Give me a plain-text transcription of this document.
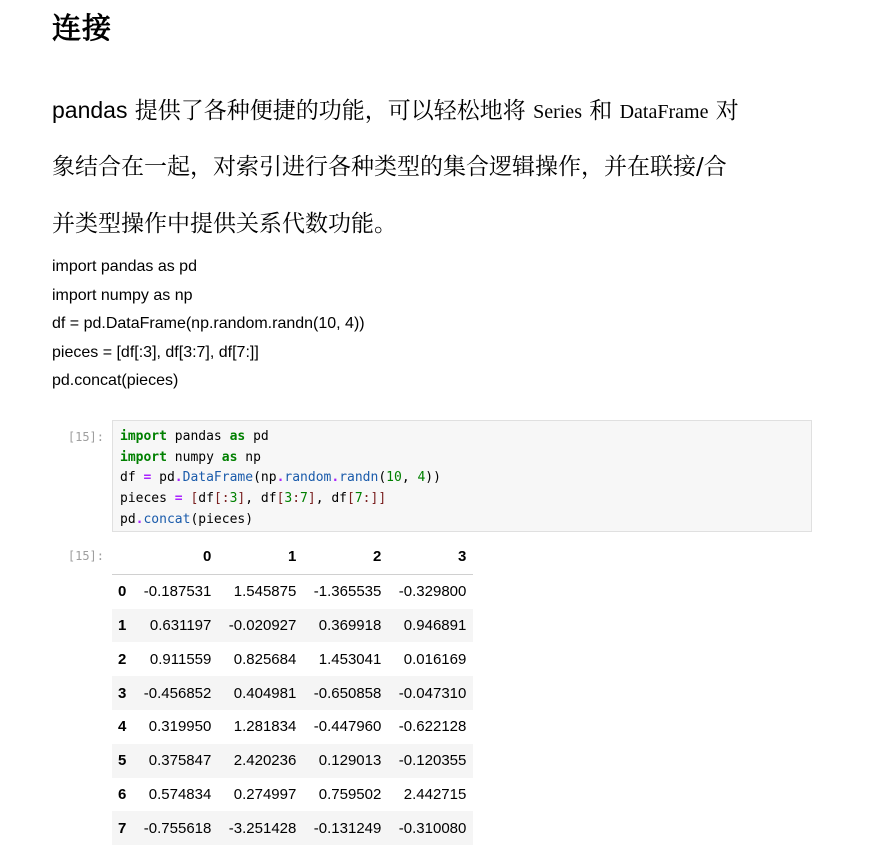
连接
pandas 提供了各种便捷的功能，可以轻松地将 Series 和 DataFrame 对
象结合在一起，对索引进行各种类型的集合逻辑操作，并在联接/合
并类型操作中提供关系代数功能。
import pandas as pd
import numpy as np
df = pd.DataFrame(np.random.randn(10, 4))
pieces = [df[:3], df[3:7], df[7:]]
pd.concat(pieces)
[15]: import pandas as pd
import numpy as np
df = pd.DataFrame(np.random.randn(10, 4))
pieces = [df[:3], df[3:7], df[7:]]
pd.concat(pieces)
[15]:
		0	1	2	3
0	-0.187531	1.545875	-1.365535	-0.329800
1	0.631197	-0.020927	0.369918	0.946891
2	0.911559	0.825684	1.453041	0.016169
3	-0.456852	0.404981	-0.650858	-0.047310
4	0.319950	1.281834	-0.447960	-0.622128
5	0.375847	2.420236	0.129013	-0.120355
6	0.574834	0.274997	0.759502	2.442715
7	-0.755618	-3.251428	-0.131249	-0.310080
